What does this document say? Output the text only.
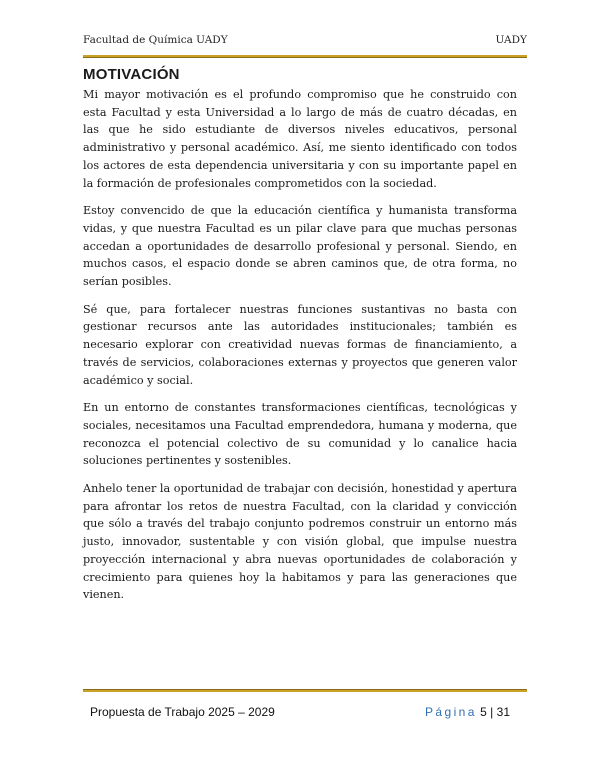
Facultad de Química UADY	UADY
MOTIVACIÓN

Mi mayor motivación es el profundo compromiso que he construido con esta Facultad y esta Universidad a lo largo de más de cuatro décadas, en las que he sido estudiante de diversos niveles educativos, personal administrativo y personal académico. Así, me siento identificado con todos los actores de esta dependencia universitaria y con su importante papel en la formación de profesionales comprometidos con la sociedad.

Estoy convencido de que la educación científica y humanista transforma vidas, y que nuestra Facultad es un pilar clave para que muchas personas accedan a oportunidades de desarrollo profesional y personal. Siendo, en muchos casos, el espacio donde se abren caminos que, de otra forma, no serían posibles.

Sé que, para fortalecer nuestras funciones sustantivas no basta con gestionar recursos ante las autoridades institucionales; también es necesario explorar con creatividad nuevas formas de financiamiento, a través de servicios, colaboraciones externas y proyectos que generen valor académico y social.

En un entorno de constantes transformaciones científicas, tecnológicas y sociales, necesitamos una Facultad emprendedora, humana y moderna, que reconozca el potencial colectivo de su comunidad y lo canalice hacia soluciones pertinentes y sostenibles.

Anhelo tener la oportunidad de trabajar con decisión, honestidad y apertura para afrontar los retos de nuestra Facultad, con la claridad y convicción que sólo a través del trabajo conjunto podremos construir un entorno más justo, innovador, sustentable y con visión global, que impulse nuestra proyección internacional y abra nuevas oportunidades de colaboración y crecimiento para quienes hoy la habitamos y para las generaciones que vienen.

Propuesta de Trabajo 2025 – 2029	Página 5 | 31
